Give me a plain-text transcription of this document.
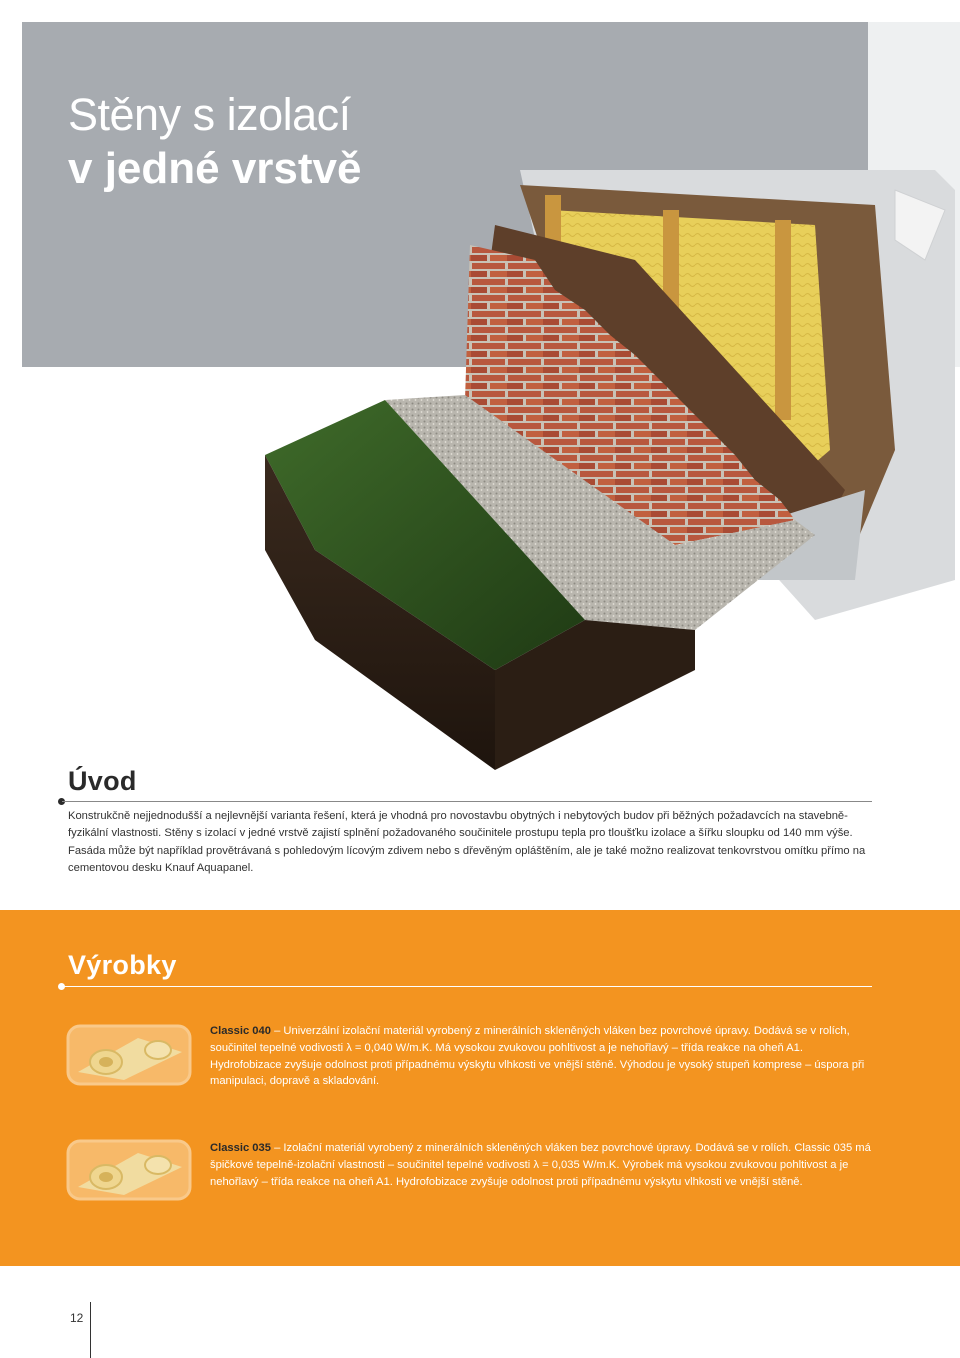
Stěny s izolací
v jedné vrstvě
Úvod
Konstrukčně nejjednodušší a nejlevnější varianta řešení, která je vhodná pro novostavbu obytných i nebytových budov při běžných požadavcích na stavebně-fyzikální vlastnosti. Stěny s izolací v jedné vrstvě zajistí splnění požadovaného součinitele prostupu tepla pro tloušťku izolace a šířku sloupku od 140 mm výše. Fasáda může být například provětrávaná s pohledovým lícovým zdivem nebo s dřevěným opláštěním, ale je také možno realizovat tenkovrstvou omítku přímo na cementovou desku Knauf Aquapanel.
Výrobky
Classic 040 – Univerzální izolační materiál vyrobený z minerálních skleněných vláken bez povrchové úpravy. Dodává se v rolích, součinitel tepelné vodivosti λ = 0,040 W/m.K. Má vysokou zvukovou pohltivost a je nehořlavý – třída reakce na oheň A1. Hydrofobizace zvyšuje odolnost proti případnému výskytu vlhkosti ve vnější stěně. Výhodou je vysoký stupeň komprese – úspora při manipulaci, dopravě a skladování.
Classic 035 – Izolační materiál vyrobený z minerálních skleněných vláken bez povrchové úpravy. Dodává se v rolích. Classic 035 má špičkové tepelně-izolační vlastnosti – součinitel tepelné vodivosti λ = 0,035 W/m.K. Výrobek má vysokou zvukovou pohltivost a je nehořlavý – třída reakce na oheň A1. Hydrofobizace zvyšuje odolnost proti případnému výskytu vlhkosti ve vnější stěně.
12
